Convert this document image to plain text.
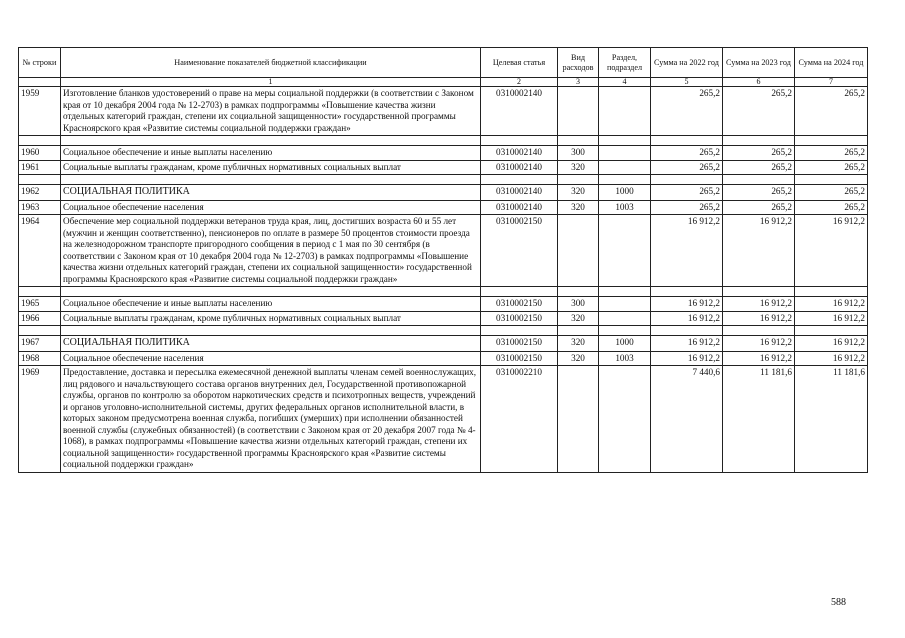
№ строки	Наименование показателей бюджетной классификации	Целевая статья	Вид расходов	Раздел, подраздел	Сумма на 2022 год	Сумма на 2023 год	Сумма на 2024 год
	1	2	3	4	5	6	7
1959	Изготовление бланков удостоверений о праве на меры социальной поддержки (в соответствии с Законом края от 10 декабря 2004 года № 12-2703) в рамках подпрограммы «Повышение качества жизни отдельных категорий граждан, степени их социальной защищенности» государственной программы Красноярского края «Развитие системы социальной поддержки граждан»	0310002140			265,2	265,2	265,2

1960	Социальное обеспечение и иные выплаты населению	0310002140	300		265,2	265,2	265,2
1961	Социальные выплаты гражданам, кроме публичных нормативных социальных выплат	0310002140	320		265,2	265,2	265,2

1962	СОЦИАЛЬНАЯ ПОЛИТИКА	0310002140	320	1000	265,2	265,2	265,2
1963	Социальное обеспечение населения	0310002140	320	1003	265,2	265,2	265,2
1964	Обеспечение мер социальной поддержки ветеранов труда края, лиц, достигших возраста 60 и 55 лет (мужчин и женщин соответственно), пенсионеров по оплате в размере 50 процентов стоимости проезда на железнодорожном транспорте пригородного сообщения в период с 1 мая по 30 сентября (в соответствии с Законом края от 10 декабря 2004 года № 12-2703) в рамках подпрограммы «Повышение качества жизни отдельных категорий граждан, степени их социальной защищенности» государственной программы Красноярского края «Развитие системы социальной поддержки граждан»	0310002150			16 912,2	16 912,2	16 912,2

1965	Социальное обеспечение и иные выплаты населению	0310002150	300		16 912,2	16 912,2	16 912,2
1966	Социальные выплаты гражданам, кроме публичных нормативных социальных выплат	0310002150	320		16 912,2	16 912,2	16 912,2

1967	СОЦИАЛЬНАЯ ПОЛИТИКА	0310002150	320	1000	16 912,2	16 912,2	16 912,2
1968	Социальное обеспечение населения	0310002150	320	1003	16 912,2	16 912,2	16 912,2
1969	Предоставление, доставка и пересылка ежемесячной денежной выплаты членам семей военнослужащих, лиц рядового и начальствующего состава органов внутренних дел, Государственной противопожарной службы, органов по контролю за оборотом наркотических средств и психотропных веществ, учреждений и органов уголовно-исполнительной системы, других федеральных органов исполнительной власти, в которых законом предусмотрена военная служба, погибших (умерших) при исполнении обязанностей военной службы (служебных обязанностей) (в соответствии с Законом края от 20 декабря 2007 года № 4-1068), в рамках подпрограммы «Повышение качества жизни отдельных категорий граждан, степени их социальной защищенности» государственной программы Красноярского края «Развитие системы социальной поддержки граждан»	0310002210			7 440,6	11 181,6	11 181,6
588
